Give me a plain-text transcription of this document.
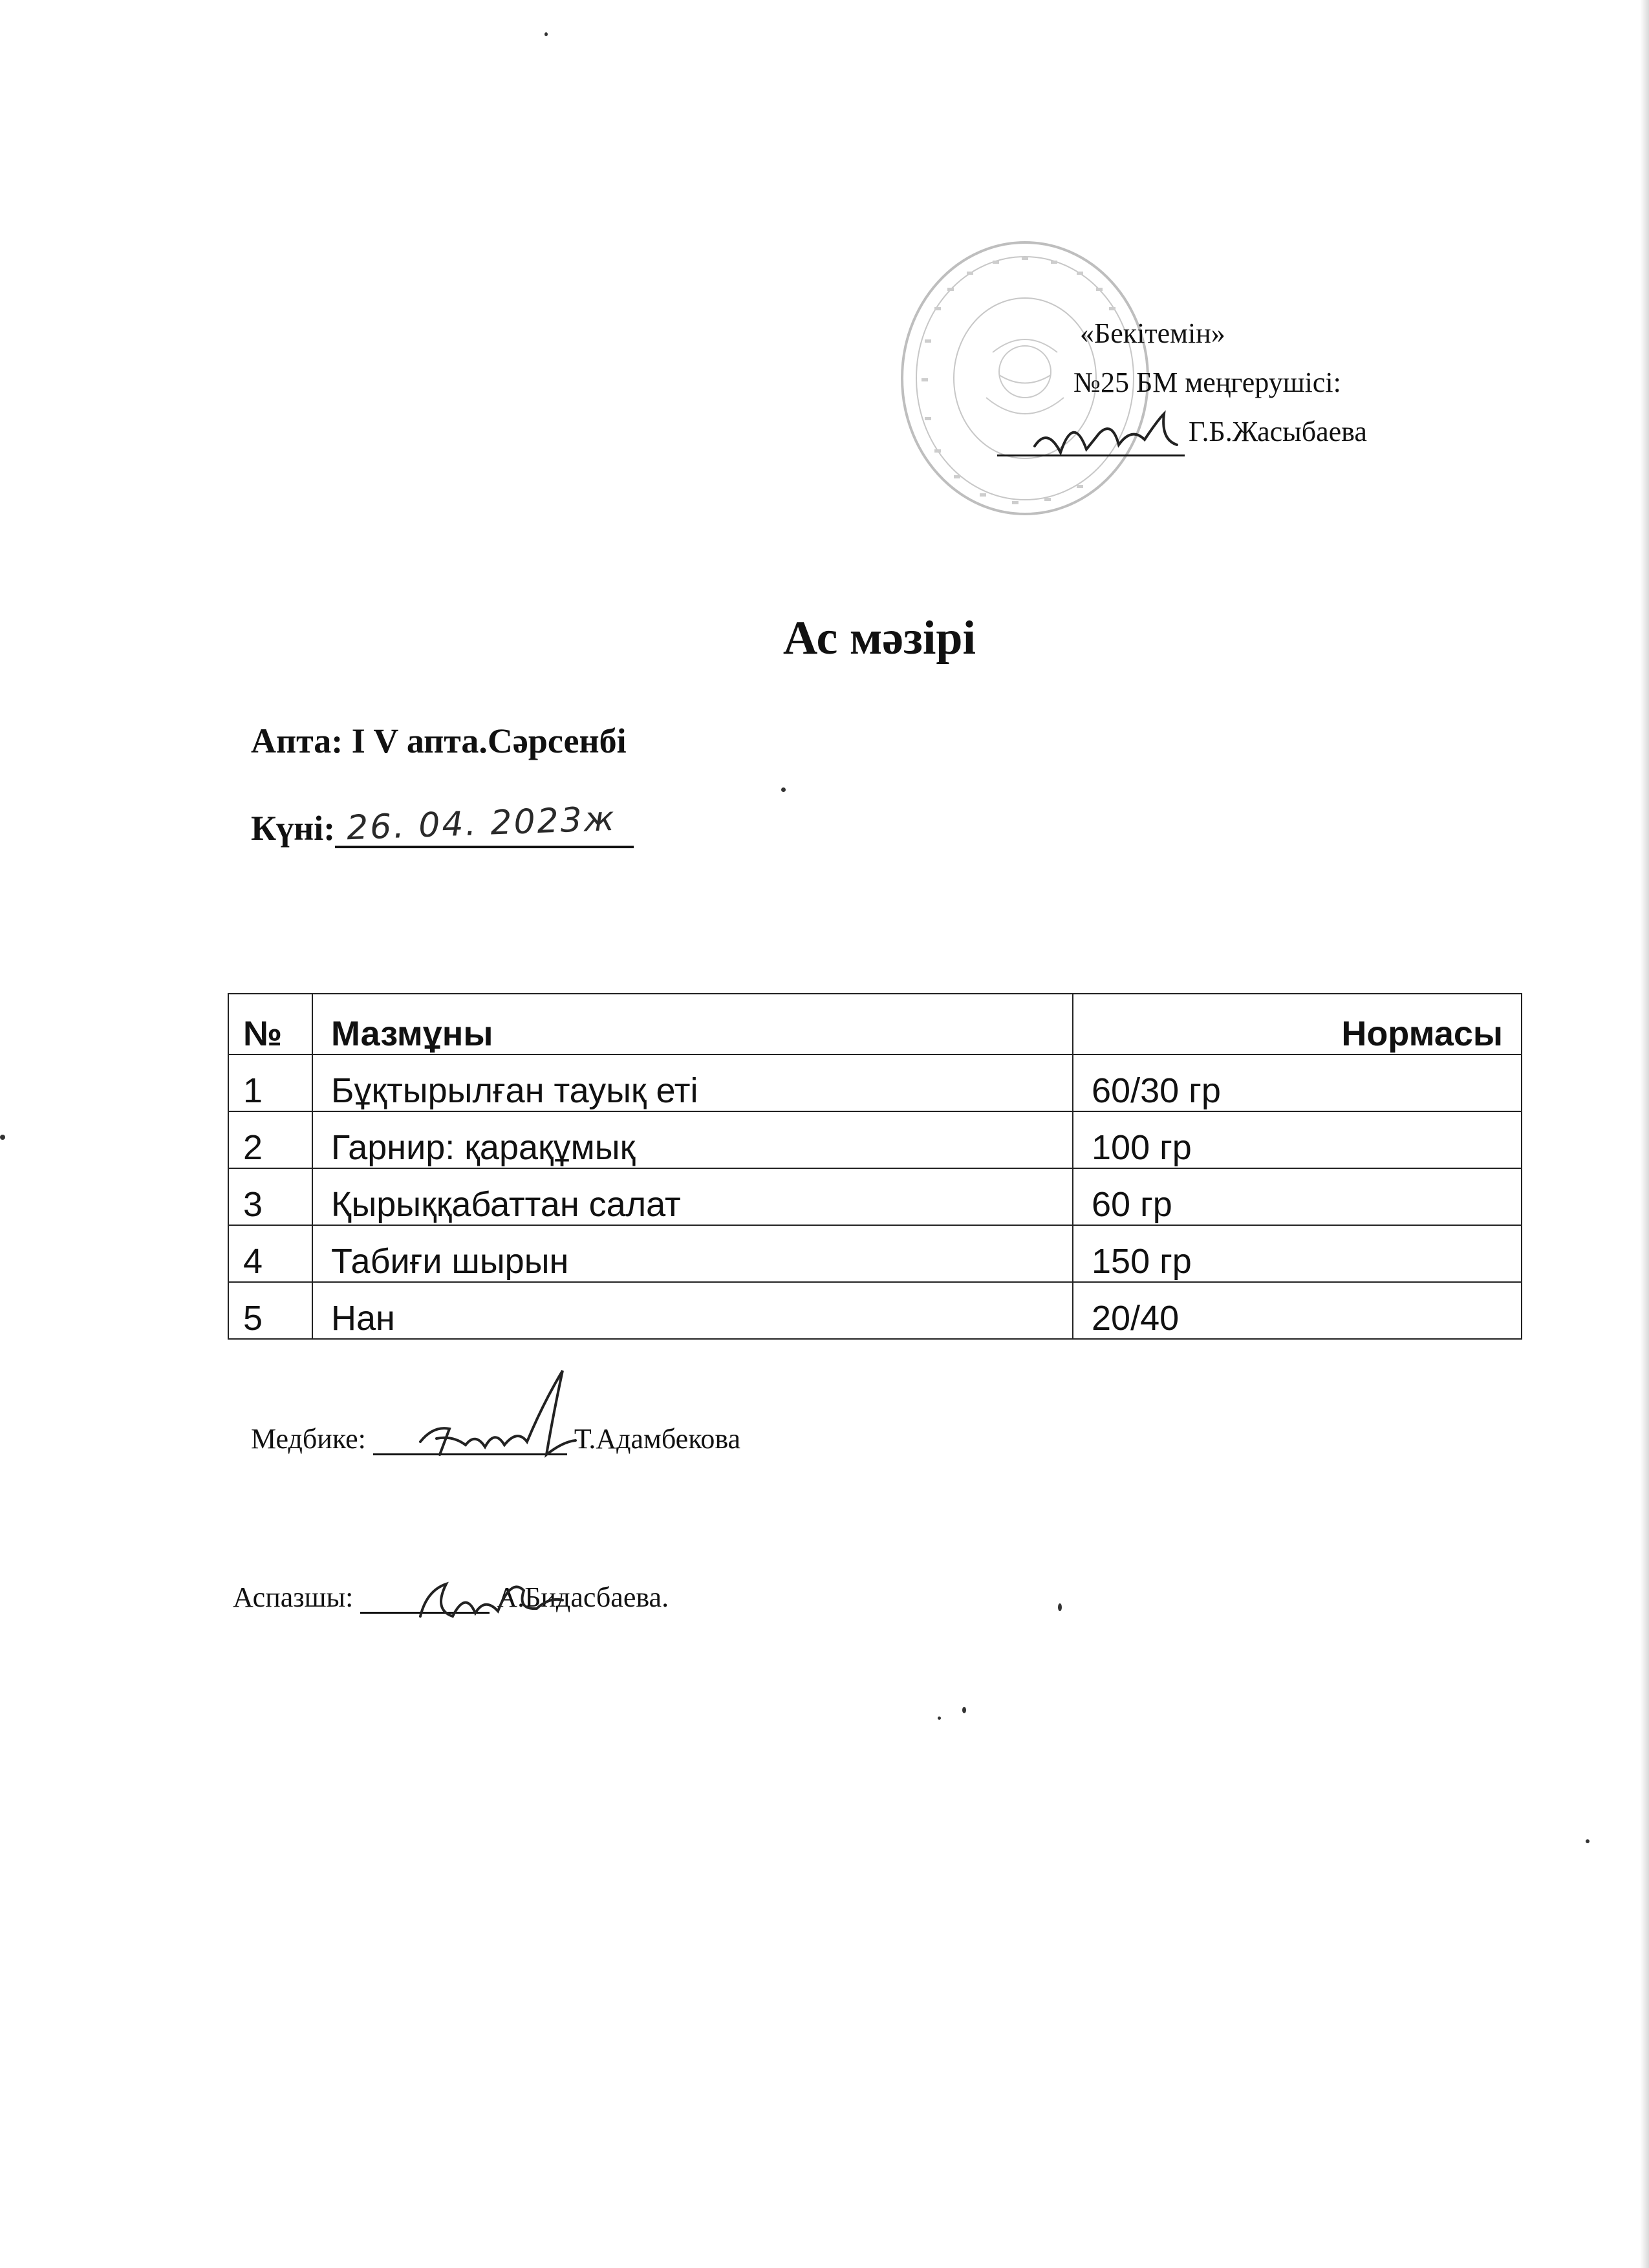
«Бекітемін»
№25 БМ меңгерушісі:
Г.Б.Жасыбаева
Ас мәзірі
Апта: I V апта.Сәрсенбі
Күні: 26. 04. 2023ж
№	Мазмұны	Нормасы
1	Бұқтырылған тауық еті	60/30 гр
2	Гарнир: қарақұмық	100 гр
3	Қырыққабаттан салат	60 гр
4	Табиғи шырын	150 гр
5	Нан	20/40
Медбике:	Т.Адамбекова
Аспазшы:	А.Бидасбаева.
